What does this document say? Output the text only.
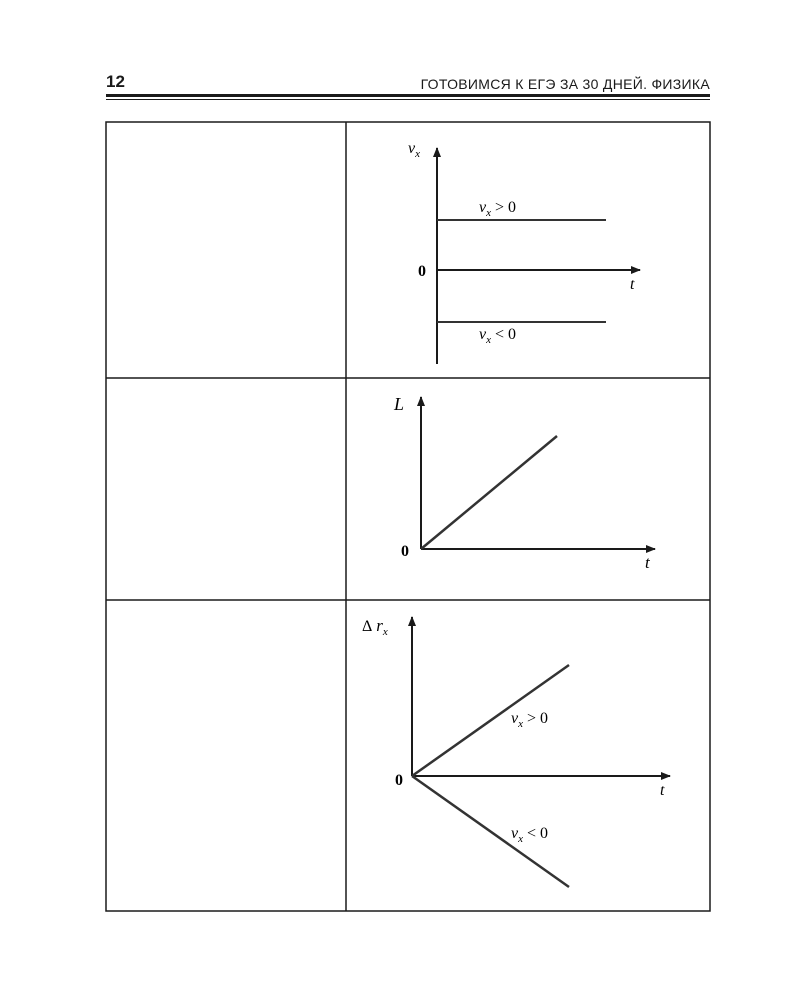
12	ГОТОВИМСЯ К ЕГЭ ЗА 30 ДНЕЙ. ФИЗИКА
$v_x$
0
t
$v_x > 0$
$v_x < 0$
L
0
t
Δ $r_x$
0
t
$v_x > 0$
$v_x < 0$
